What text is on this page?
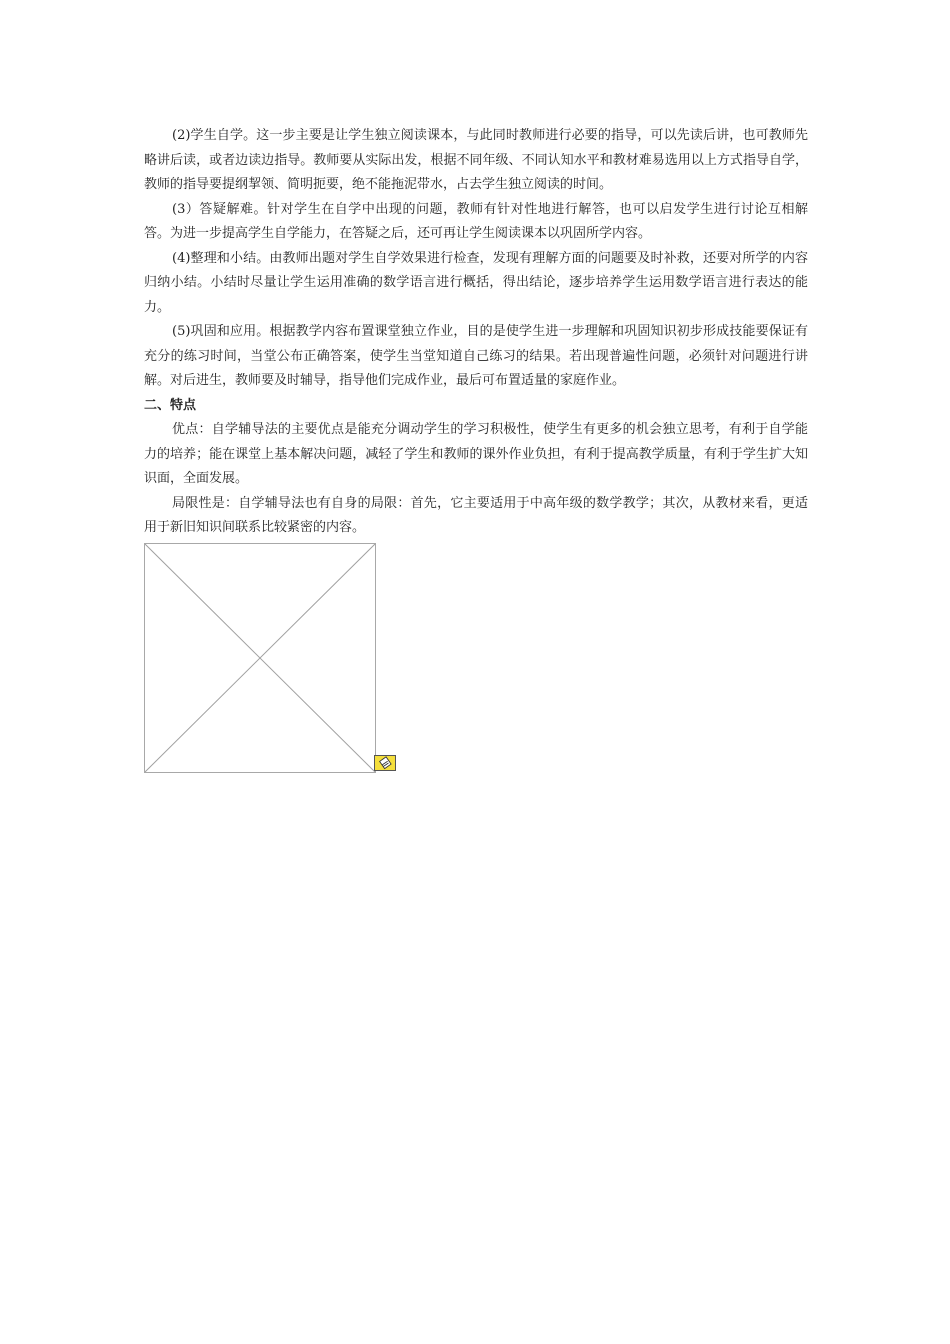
(2)学生自学。这一步主要是让学生独立阅读课本，与此同时教师进行必要的指导，可以先读后讲，也可教师先略讲后读，或者边读边指导。教师要从实际出发，根据不同年级、不同认知水平和教材难易选用以上方式指导自学，教师的指导要提纲挈领、简明扼要，绝不能拖泥带水，占去学生独立阅读的时间。

(3）答疑解难。针对学生在自学中出现的问题，教师有针对性地进行解答，也可以启发学生进行讨论互相解答。为进一步提高学生自学能力，在答疑之后，还可再让学生阅读课本以巩固所学内容。

(4)整理和小结。由教师出题对学生自学效果进行检查，发现有理解方面的问题要及时补救，还要对所学的内容归纳小结。小结时尽量让学生运用准确的数学语言进行概括，得出结论，逐步培养学生运用数学语言进行表达的能力。

(5)巩固和应用。根据教学内容布置课堂独立作业，目的是使学生进一步理解和巩固知识初步形成技能要保证有充分的练习时间，当堂公布正确答案，使学生当堂知道自己练习的结果。若出现普遍性问题，必须针对问题进行讲解。对后进生，教师要及时辅导，指导他们完成作业，最后可布置适量的家庭作业。

二、特点

优点：自学辅导法的主要优点是能充分调动学生的学习积极性，使学生有更多的机会独立思考，有利于自学能力的培养；能在课堂上基本解决问题，减轻了学生和教师的课外作业负担，有利于提高教学质量，有利于学生扩大知识面，全面发展。

局限性是：自学辅导法也有自身的局限：首先，它主要适用于中高年级的数学教学；其次，从教材来看，更适用于新旧知识间联系比较紧密的内容。
